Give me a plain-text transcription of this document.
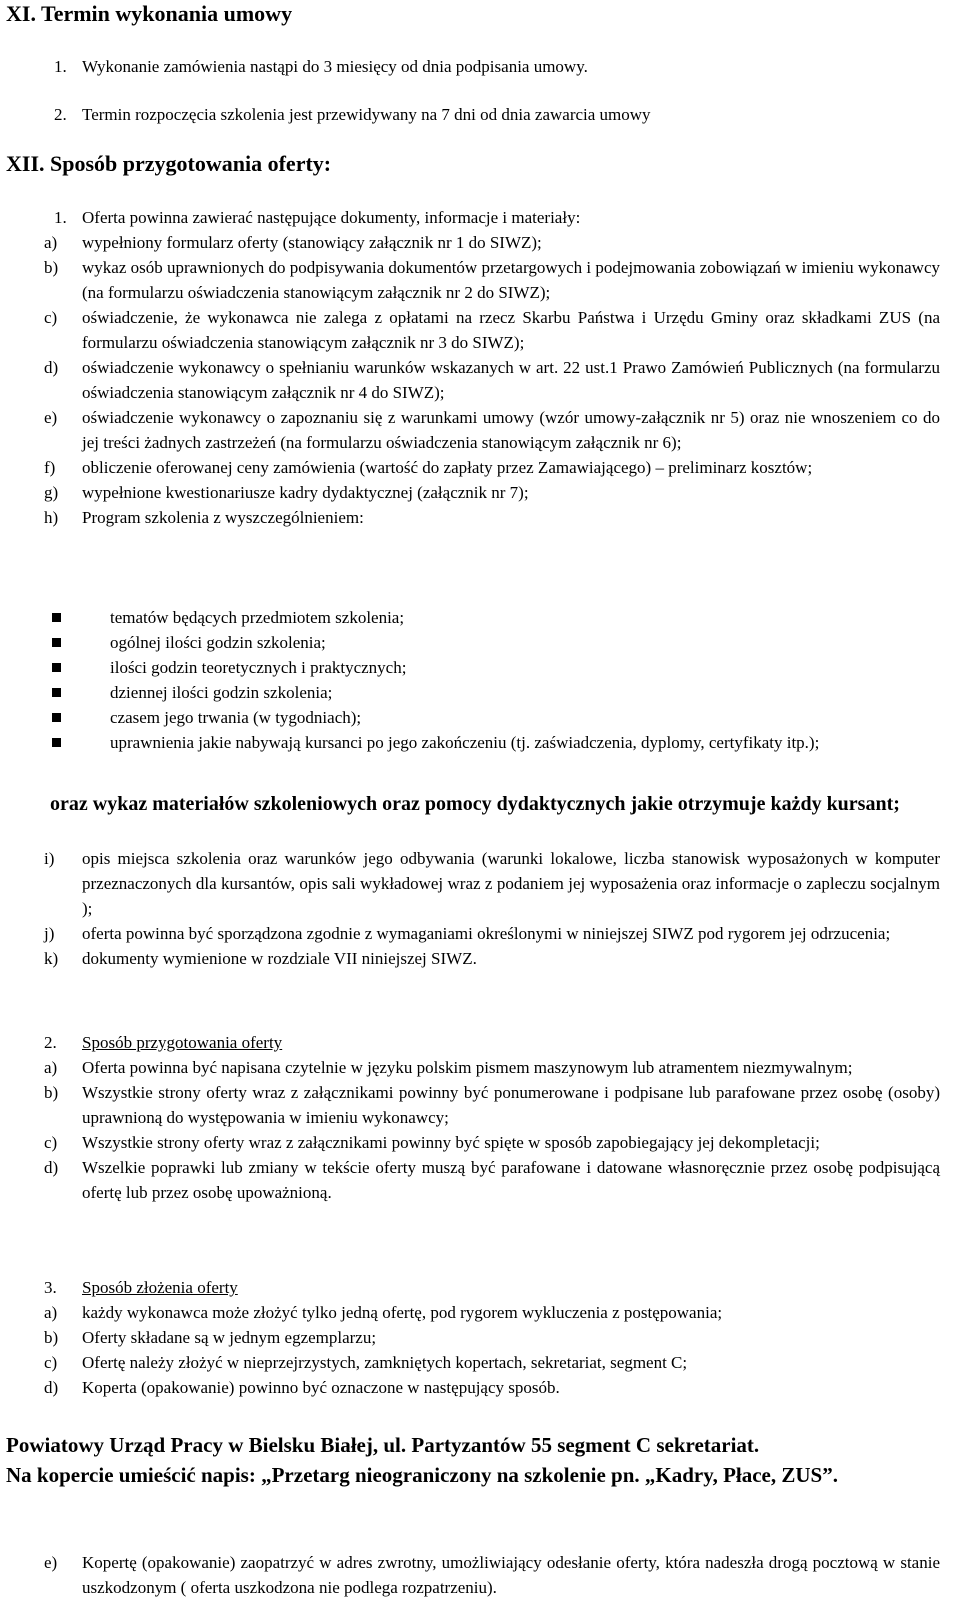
XI. Termin wykonania umowy
1. Wykonanie zamówienia nastąpi do 3 miesięcy od dnia podpisania umowy.
2. Termin rozpoczęcia szkolenia jest przewidywany na 7 dni od dnia zawarcia umowy
XII. Sposób przygotowania oferty:
1. Oferta powinna zawierać następujące dokumenty, informacje i materiały:
a) wypełniony formularz oferty (stanowiący załącznik nr 1 do SIWZ);
b) wykaz osób uprawnionych do podpisywania dokumentów przetargowych i podejmowania zobowiązań w imieniu wykonawcy (na formularzu oświadczenia stanowiącym załącznik nr 2 do SIWZ);
c) oświadczenie, że wykonawca nie zalega z opłatami na rzecz Skarbu Państwa i Urzędu Gminy oraz składkami ZUS (na formularzu oświadczenia stanowiącym załącznik nr 3 do SIWZ);
d) oświadczenie wykonawcy o spełnianiu warunków wskazanych w art. 22 ust.1 Prawo Zamówień Publicznych (na formularzu oświadczenia stanowiącym załącznik nr 4 do SIWZ);
e) oświadczenie wykonawcy o zapoznaniu się z warunkami umowy (wzór umowy-załącznik nr 5) oraz nie wnoszeniem co do jej treści żadnych zastrzeżeń (na formularzu oświadczenia stanowiącym załącznik nr 6);
f) obliczenie oferowanej ceny zamówienia (wartość do zapłaty przez Zamawiającego) – preliminarz kosztów;
g) wypełnione kwestionariusze kadry dydaktycznej (załącznik nr 7);
h) Program szkolenia z wyszczególnieniem:
tematów będących przedmiotem szkolenia;
ogólnej ilości godzin szkolenia;
ilości godzin teoretycznych i praktycznych;
dziennej ilości godzin szkolenia;
czasem jego trwania (w tygodniach);
uprawnienia jakie nabywają kursanci po jego zakończeniu (tj. zaświadczenia, dyplomy, certyfikaty itp.);
oraz wykaz materiałów szkoleniowych oraz pomocy dydaktycznych jakie otrzymuje każdy kursant;
i) opis miejsca szkolenia oraz warunków jego odbywania (warunki lokalowe, liczba stanowisk wyposażonych w komputer przeznaczonych dla kursantów, opis sali wykładowej wraz z podaniem jej wyposażenia oraz informacje o zapleczu socjalnym );
j) oferta powinna być sporządzona zgodnie z wymaganiami określonymi w niniejszej SIWZ pod rygorem jej odrzucenia;
k) dokumenty wymienione w rozdziale VII niniejszej SIWZ.
2. Sposób przygotowania oferty
a) Oferta powinna być napisana czytelnie w języku polskim pismem maszynowym lub atramentem niezmywalnym;
b) Wszystkie strony oferty wraz z załącznikami powinny być ponumerowane i podpisane lub parafowane przez osobę (osoby) uprawnioną do występowania w imieniu wykonawcy;
c) Wszystkie strony oferty wraz z załącznikami powinny być spięte w sposób zapobiegający jej dekompletacji;
d) Wszelkie poprawki lub zmiany w tekście oferty muszą być parafowane i datowane własnoręcznie przez osobę podpisującą ofertę lub przez osobę upoważnioną.
3. Sposób złożenia oferty
a) każdy wykonawca może złożyć tylko jedną ofertę, pod rygorem wykluczenia z postępowania;
b) Oferty składane są w jednym egzemplarzu;
c) Ofertę należy złożyć w nieprzejrzystych, zamkniętych kopertach, sekretariat, segment C;
d) Koperta (opakowanie) powinno być oznaczone w następujący sposób.
Powiatowy Urząd Pracy w Bielsku Białej, ul. Partyzantów 55 segment C sekretariat.
Na kopercie umieścić napis: „Przetarg nieograniczony na szkolenie pn. „Kadry, Płace, ZUS”.
e) Kopertę (opakowanie) zaopatrzyć w adres zwrotny, umożliwiający odesłanie oferty, która nadeszła drogą pocztową w stanie uszkodzonym ( oferta uszkodzona nie podlega rozpatrzeniu).
